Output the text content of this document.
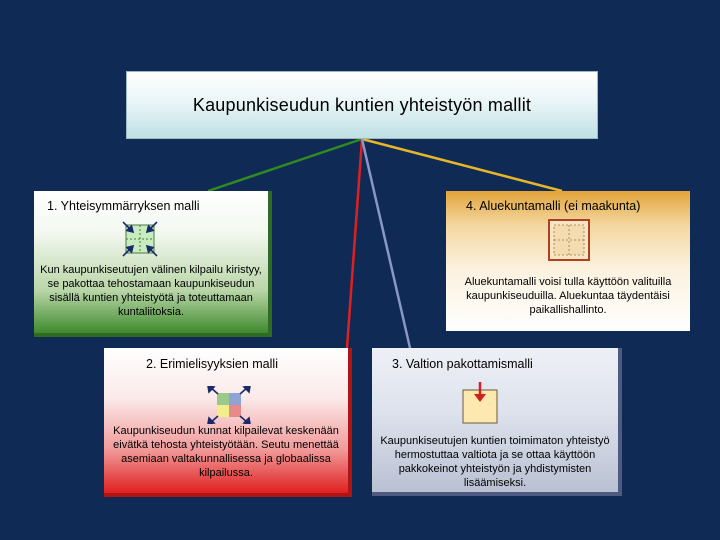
Kaupunkiseudun kuntien yhteistyön mallit
1. Yhteisymmärryksen malli
Kun kaupunkiseutujen välinen kilpailu kiristyy, se pakottaa tehostamaan kaupunkiseudun sisällä kuntien yhteistyötä ja toteuttamaan kuntaliitoksia.
4. Aluekuntamalli (ei maakunta)
Aluekuntamalli voisi tulla käyttöön valituilla kaupunkiseuduilla. Aluekuntaa täydentäisi paikallishallinto.
2. Erimielisyyksien malli
Kaupunkiseudun kunnat kilpailevat keskenään eivätkä tehosta yhteistyötään. Seutu menettää asemiaan valtakunnallisessa ja globaalissa kilpailussa.
3. Valtion pakottamismalli
Kaupunkiseutujen kuntien toimimaton yhteistyö hermostuttaa valtiota ja se ottaa käyttöön pakkokeinot yhteistyön ja yhdistymisten lisäämiseksi.
